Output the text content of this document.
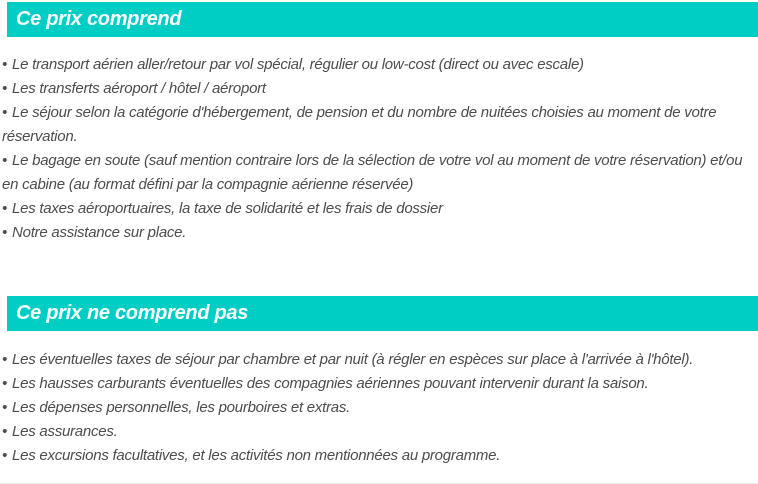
Ce prix comprend

• Le transport aérien aller/retour par vol spécial, régulier ou low-cost (direct ou avec escale)

• Les transferts aéroport / hôtel / aéroport

• Le séjour selon la catégorie d'hébergement, de pension et du nombre de nuitées choisies au moment de votre réservation.

• Le bagage en soute (sauf mention contraire lors de la sélection de votre vol au moment de votre réservation) et/ou en cabine (au format défini par la compagnie aérienne réservée)

• Les taxes aéroportuaires, la taxe de solidarité et les frais de dossier

• Notre assistance sur place.

Ce prix ne comprend pas

• Les éventuelles taxes de séjour par chambre et par nuit (à régler en espèces sur place à l'arrivée à l'hôtel).

• Les hausses carburants éventuelles des compagnies aériennes pouvant intervenir durant la saison.

• Les dépenses personnelles, les pourboires et extras.

• Les assurances.

• Les excursions facultatives, et les activités non mentionnées au programme.
